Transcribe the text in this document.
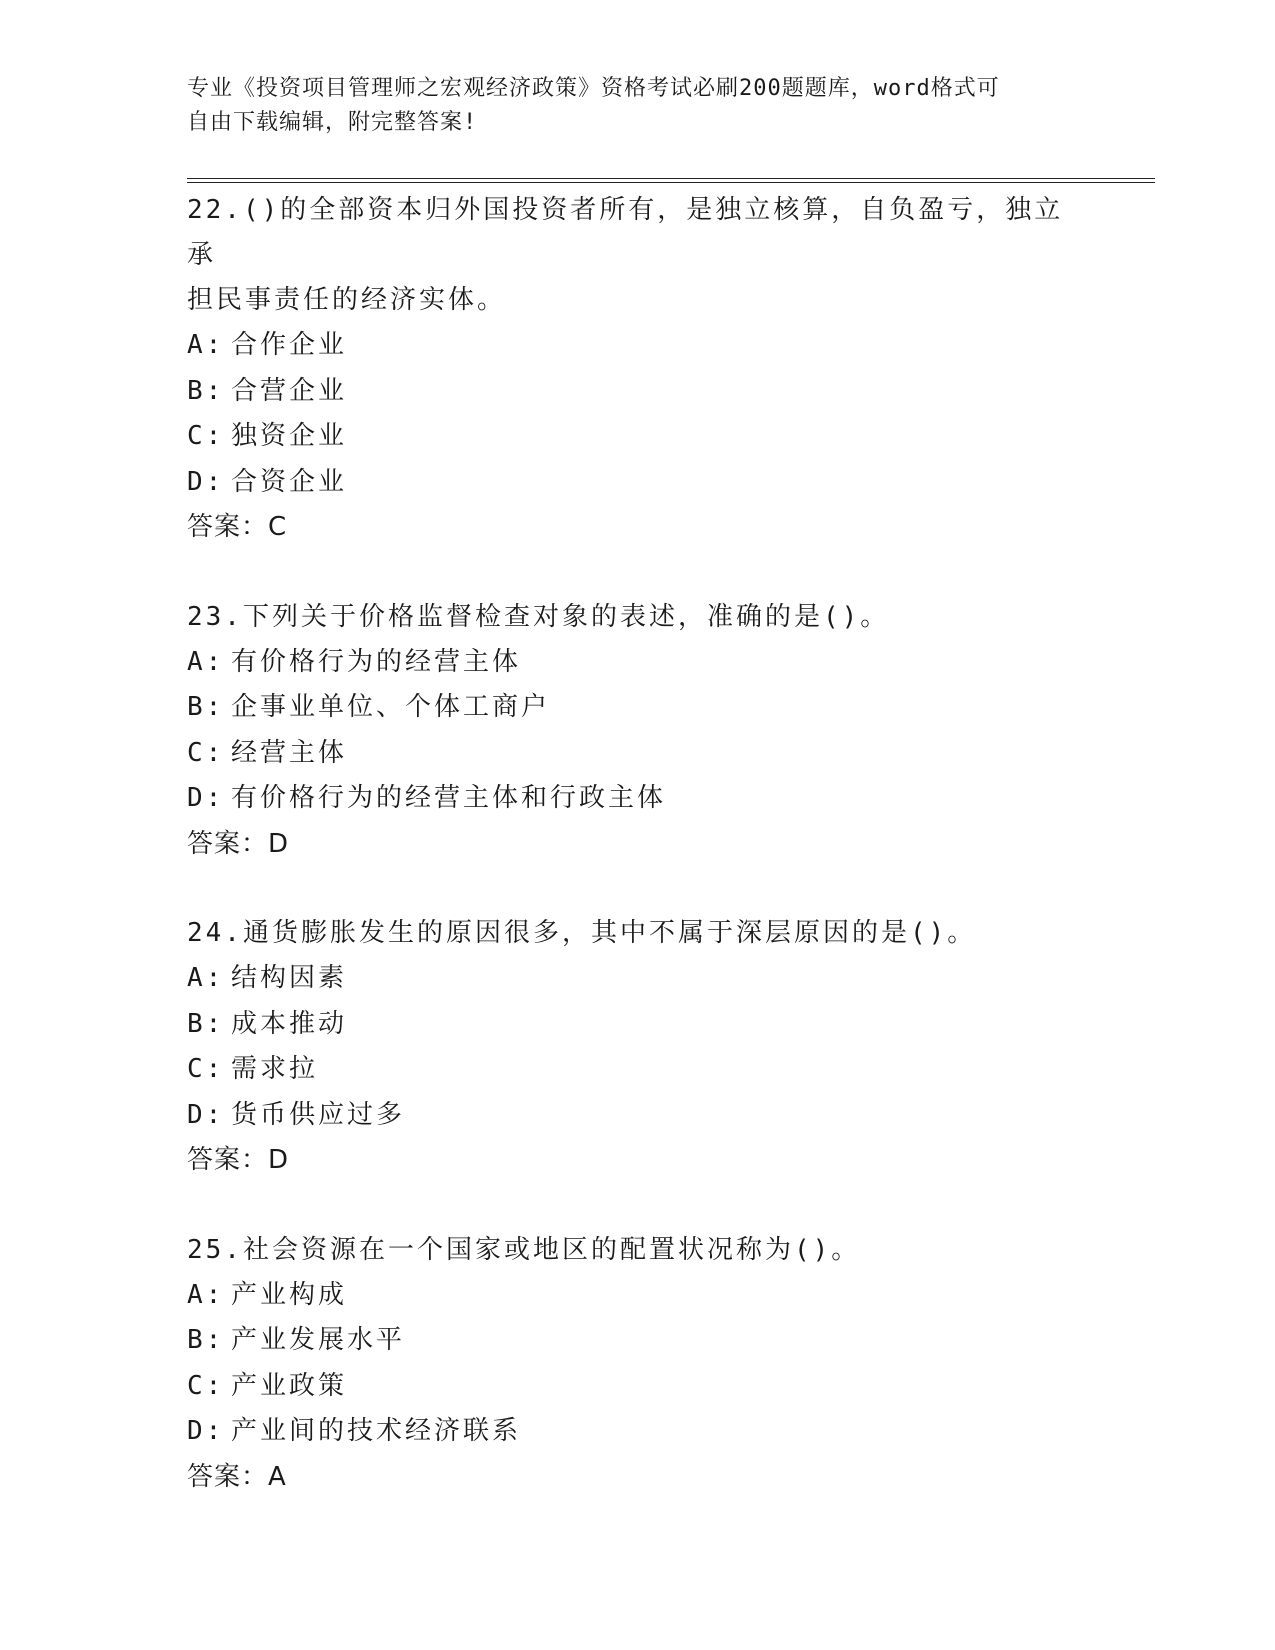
专业《投资项目管理师之宏观经济政策》资格考试必刷200题题库，word格式可
自由下载编辑，附完整答案!

22.()的全部资本归外国投资者所有，是独立核算，自负盈亏，独立承
担民事责任的经济实体。

A: 合作企业

B: 合营企业

C: 独资企业

D: 合资企业

答案：C

23.下列关于价格监督检查对象的表述，准确的是()。

A: 有价格行为的经营主体

B: 企事业单位、个体工商户

C: 经营主体

D: 有价格行为的经营主体和行政主体

答案：D

24.通货膨胀发生的原因很多，其中不属于深层原因的是()。

A: 结构因素

B: 成本推动

C: 需求拉

D: 货币供应过多

答案：D

25.社会资源在一个国家或地区的配置状况称为()。

A: 产业构成

B: 产业发展水平

C: 产业政策

D: 产业间的技术经济联系

答案：A
